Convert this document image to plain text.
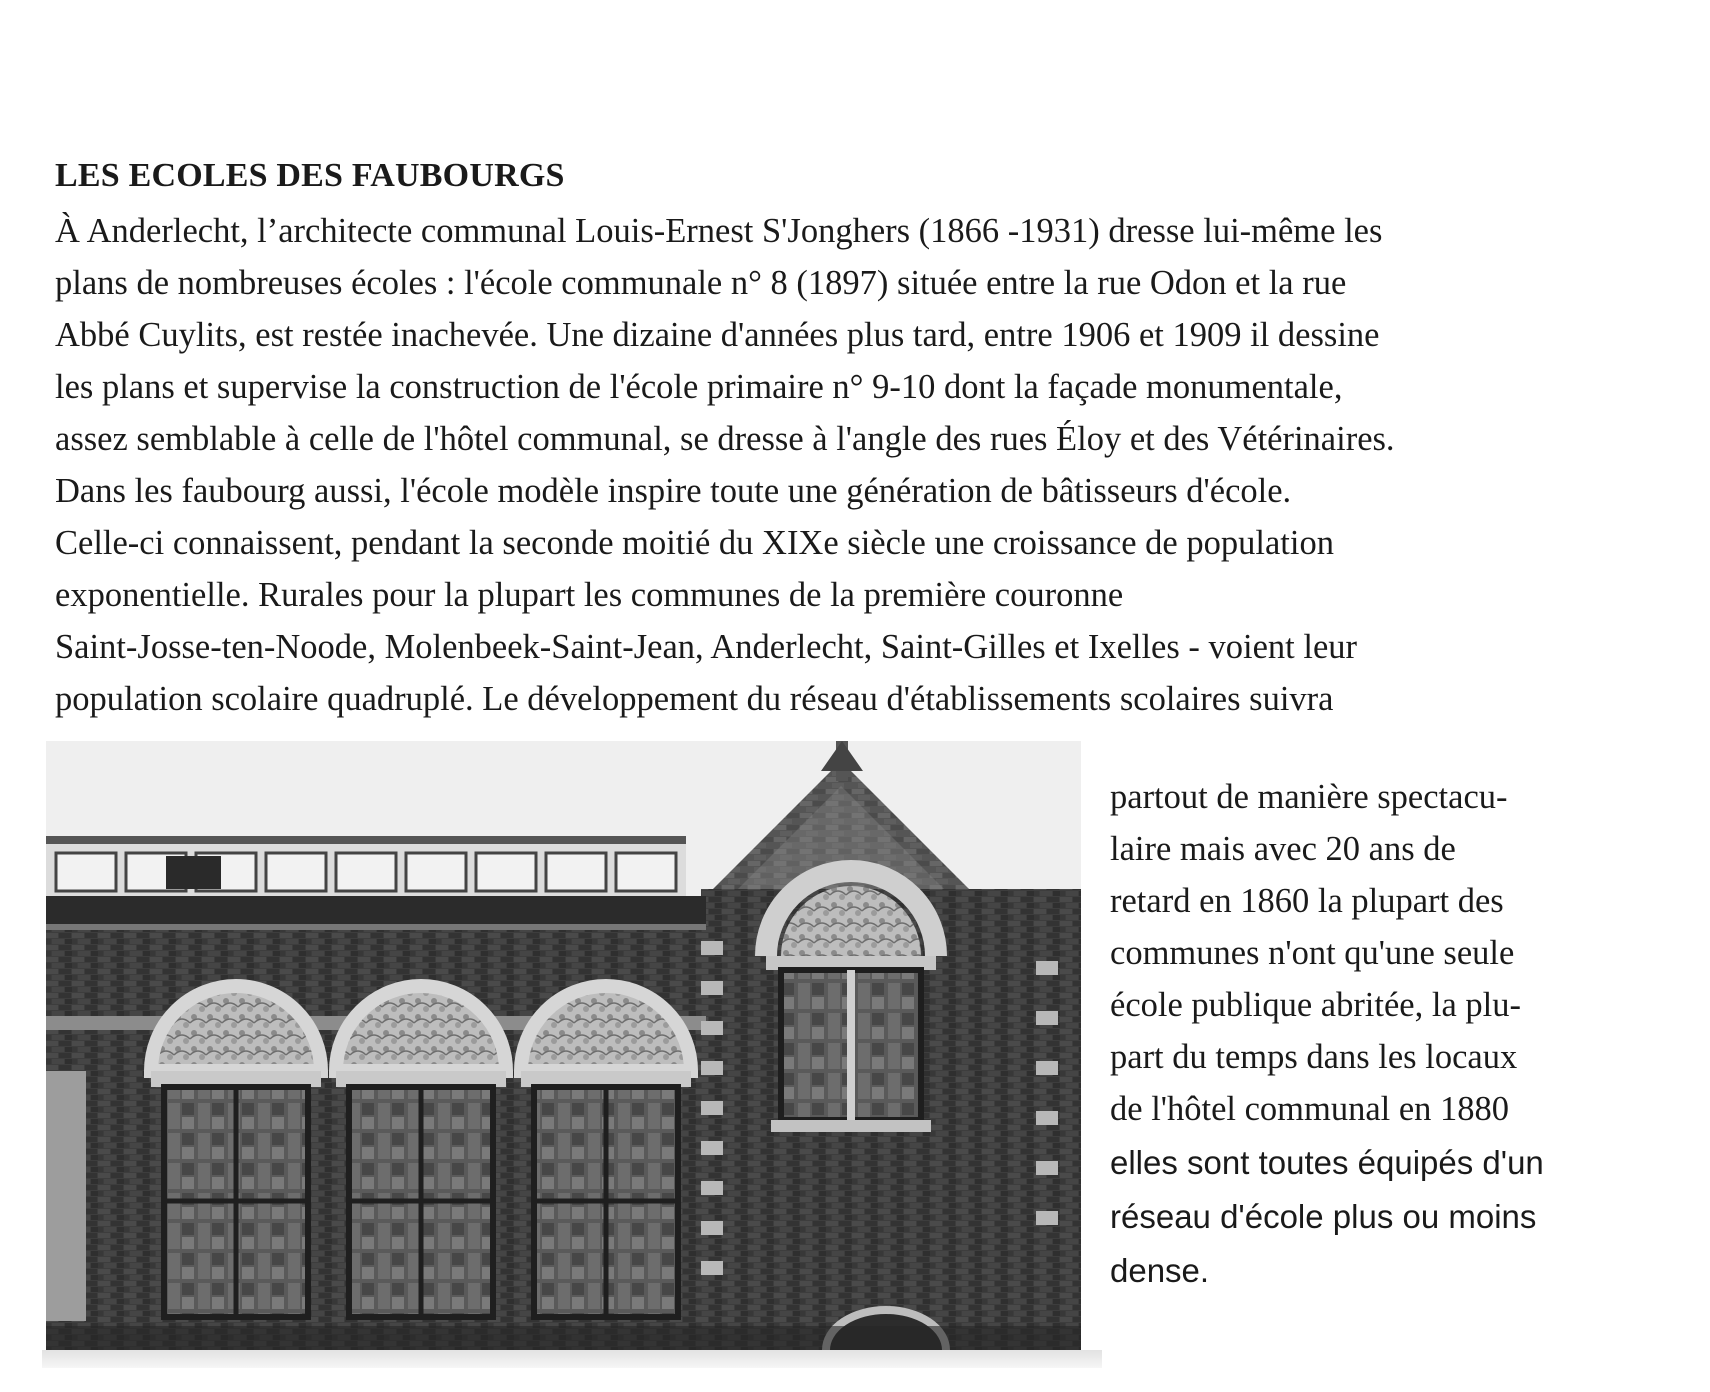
LES ECOLES DES FAUBOURGS
À Anderlecht, l’architecte communal Louis-Ernest S'Jonghers (1866 -1931) dresse lui-même les
plans de nombreuses écoles : l'école communale n° 8 (1897) située entre la rue Odon et la rue
Abbé Cuylits, est restée inachevée. Une dizaine d'années plus tard, entre 1906 et 1909 il dessine
les plans et supervise la construction de l'école primaire n° 9-10 dont la façade monumentale,
assez semblable à celle de l'hôtel communal, se dresse à l'angle des rues Éloy et des Vétérinaires.
Dans les faubourg aussi, l'école modèle inspire toute une génération de bâtisseurs d'école.
Celle-ci connaissent, pendant la seconde moitié du XIXe siècle une croissance de population
exponentielle. Rurales pour la plupart les communes de la première couronne
Saint-Josse-ten-Noode, Molenbeek-Saint-Jean, Anderlecht, Saint-Gilles et Ixelles - voient leur
population scolaire quadruplé. Le développement du réseau d'établissements scolaires suivra
partout de manière spectacu-
laire mais avec 20 ans de
retard en 1860 la plupart des
communes n'ont qu'une seule
école publique abritée, la plu-
part du temps dans les locaux
de l'hôtel communal en 1880
elles sont toutes équipés d'un
réseau d'école plus ou moins
dense.
